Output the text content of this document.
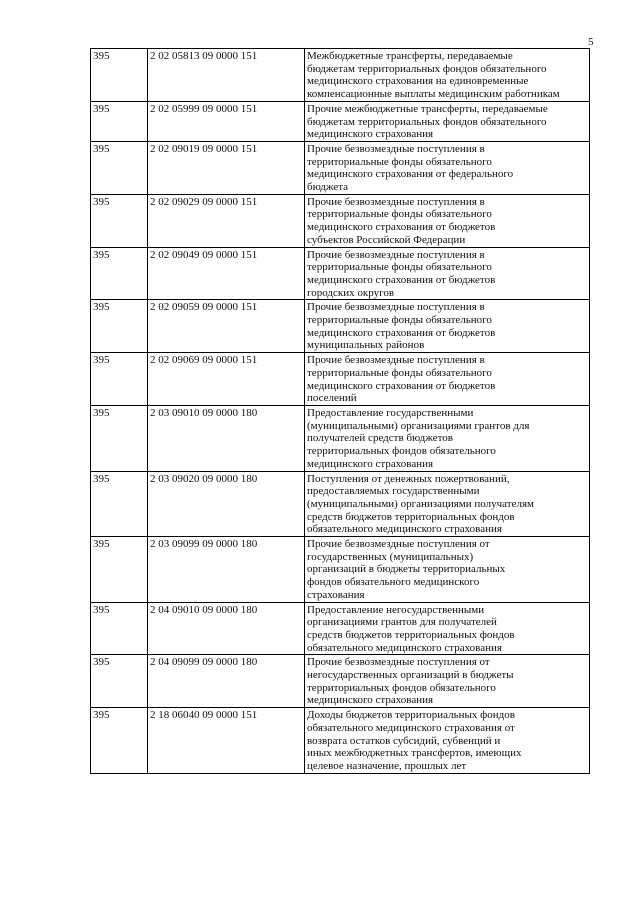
5
395	2 02 05813 09 0000 151	Межбюджетные трансферты, передаваемые
бюджетам территориальных фондов обязательного
медицинского страхования на единовременные
компенсационные выплаты медицинским работникам

395	2 02 05999 09 0000 151	Прочие межбюджетные трансферты, передаваемые
бюджетам территориальных фондов обязательного
медицинского страхования

395	2 02 09019 09 0000 151	Прочие безвозмездные поступления в
территориальные фонды обязательного
медицинского страхования от федерального
бюджета

395	2 02 09029 09 0000 151	Прочие безвозмездные поступления в
территориальные фонды обязательного
медицинского страхования от бюджетов
субъектов Российской Федерации

395	2 02 09049 09 0000 151	Прочие безвозмездные поступления в
территориальные фонды обязательного
медицинского страхования от бюджетов
городских округов

395	2 02 09059 09 0000 151	Прочие безвозмездные поступления в
территориальные фонды обязательного
медицинского страхования от бюджетов
муниципальных районов

395	2 02 09069 09 0000 151	Прочие безвозмездные поступления в
территориальные фонды обязательного
медицинского страхования от бюджетов
поселений

395	2 03 09010 09 0000 180	Предоставление государственными
(муниципальными) организациями грантов для
получателей средств бюджетов
территориальных фондов обязательного
медицинского страхования

395	2 03 09020 09 0000 180	Поступления от денежных пожертвований,
предоставляемых государственными
(муниципальными) организациями получателям
средств бюджетов территориальных фондов
обязательного медицинского страхования

395	2 03 09099 09 0000 180	Прочие безвозмездные поступления от
государственных (муниципальных)
организаций в бюджеты территориальных
фондов обязательного медицинского
страхования

395	2 04 09010 09 0000 180	Предоставление негосударственными
организациями грантов для получателей
средств бюджетов территориальных фондов
обязательного медицинского страхования

395	2 04 09099 09 0000 180	Прочие безвозмездные поступления от
негосударственных организаций в бюджеты
территориальных фондов обязательного
медицинского страхования

395	2 18 06040 09 0000 151	Доходы бюджетов территориальных фондов
обязательного медицинского страхования от
возврата остатков субсидий, субвенций и
иных межбюджетных трансфертов, имеющих
целевое назначение, прошлых лет
